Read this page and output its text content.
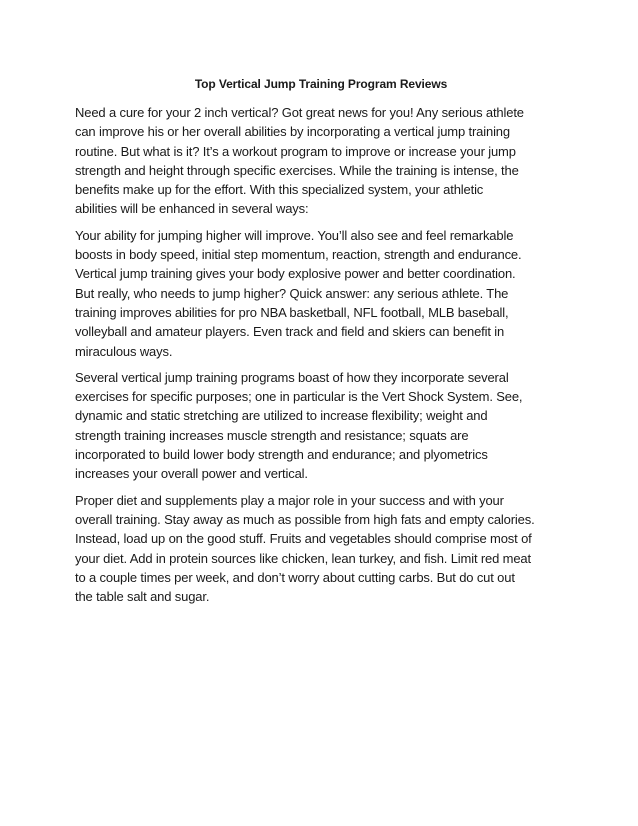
Top Vertical Jump Training Program Reviews
Need a cure for your 2 inch vertical? Got great news for you! Any serious athlete
can improve his or her overall abilities by incorporating a vertical jump training
routine. But what is it? It’s a workout program to improve or increase your jump
strength and height through specific exercises. While the training is intense, the
benefits make up for the effort. With this specialized system, your athletic
abilities will be enhanced in several ways:
Your ability for jumping higher will improve. You’ll also see and feel remarkable
boosts in body speed, initial step momentum, reaction, strength and endurance.
Vertical jump training gives your body explosive power and better coordination.
But really, who needs to jump higher? Quick answer: any serious athlete. The
training improves abilities for pro NBA basketball, NFL football, MLB baseball,
volleyball and amateur players. Even track and field and skiers can benefit in
miraculous ways.
Several vertical jump training programs boast of how they incorporate several
exercises for specific purposes; one in particular is the Vert Shock System. See,
dynamic and static stretching are utilized to increase flexibility; weight and
strength training increases muscle strength and resistance; squats are
incorporated to build lower body strength and endurance; and plyometrics
increases your overall power and vertical.
Proper diet and supplements play a major role in your success and with your
overall training. Stay away as much as possible from high fats and empty calories.
Instead, load up on the good stuff. Fruits and vegetables should comprise most of
your diet. Add in protein sources like chicken, lean turkey, and fish. Limit red meat
to a couple times per week, and don’t worry about cutting carbs. But do cut out
the table salt and sugar.
